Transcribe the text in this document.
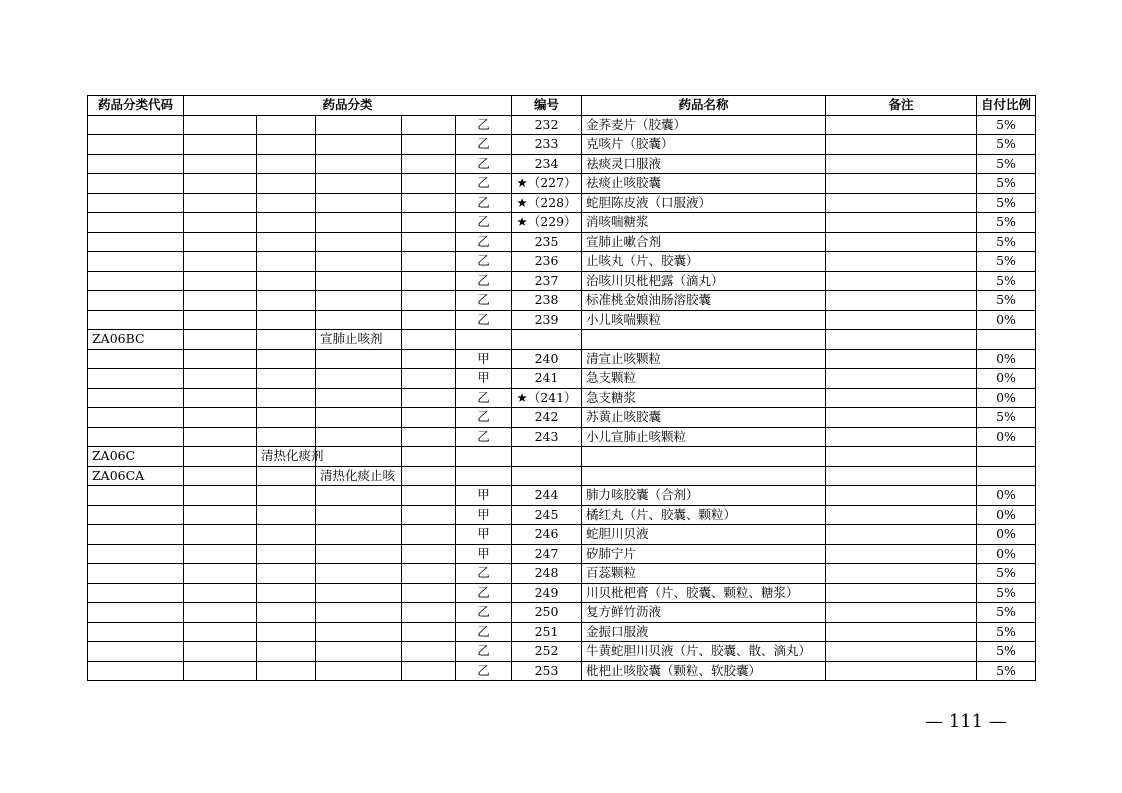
药品分类代码	药品分类					编号	药品名称	备注	自付比例
					乙	232	金荞麦片（胶囊）		5%
					乙	233	克咳片（胶囊）		5%
					乙	234	祛痰灵口服液		5%
					乙	★（227）	祛痰止咳胶囊		5%
					乙	★（228）	蛇胆陈皮液（口服液）		5%
					乙	★（229）	消咳喘糖浆		5%
					乙	235	宣肺止嗽合剂		5%
					乙	236	止咳丸（片、胶囊）		5%
					乙	237	治咳川贝枇杷露（滴丸）		5%
					乙	238	标准桃金娘油肠溶胶囊		5%
					乙	239	小儿咳喘颗粒		0%
ZA06BC			宣肺止咳剂						
					甲	240	清宣止咳颗粒		0%
					甲	241	急支颗粒		0%
					乙	★（241）	急支糖浆		0%
					乙	242	苏黄止咳胶囊		5%
					乙	243	小儿宣肺止咳颗粒		0%
ZA06C		清热化痰剂							
ZA06CA			清热化痰止咳						
					甲	244	肺力咳胶囊（合剂）		0%
					甲	245	橘红丸（片、胶囊、颗粒）		0%
					甲	246	蛇胆川贝液		0%
					甲	247	矽肺宁片		0%
					乙	248	百蕊颗粒		5%
					乙	249	川贝枇杷膏（片、胶囊、颗粒、糖浆）		5%
					乙	250	复方鲜竹沥液		5%
					乙	251	金振口服液		5%
					乙	252	牛黄蛇胆川贝液（片、胶囊、散、滴丸）		5%
					乙	253	枇杷止咳胶囊（颗粒、软胶囊）		5%
— 111 —
